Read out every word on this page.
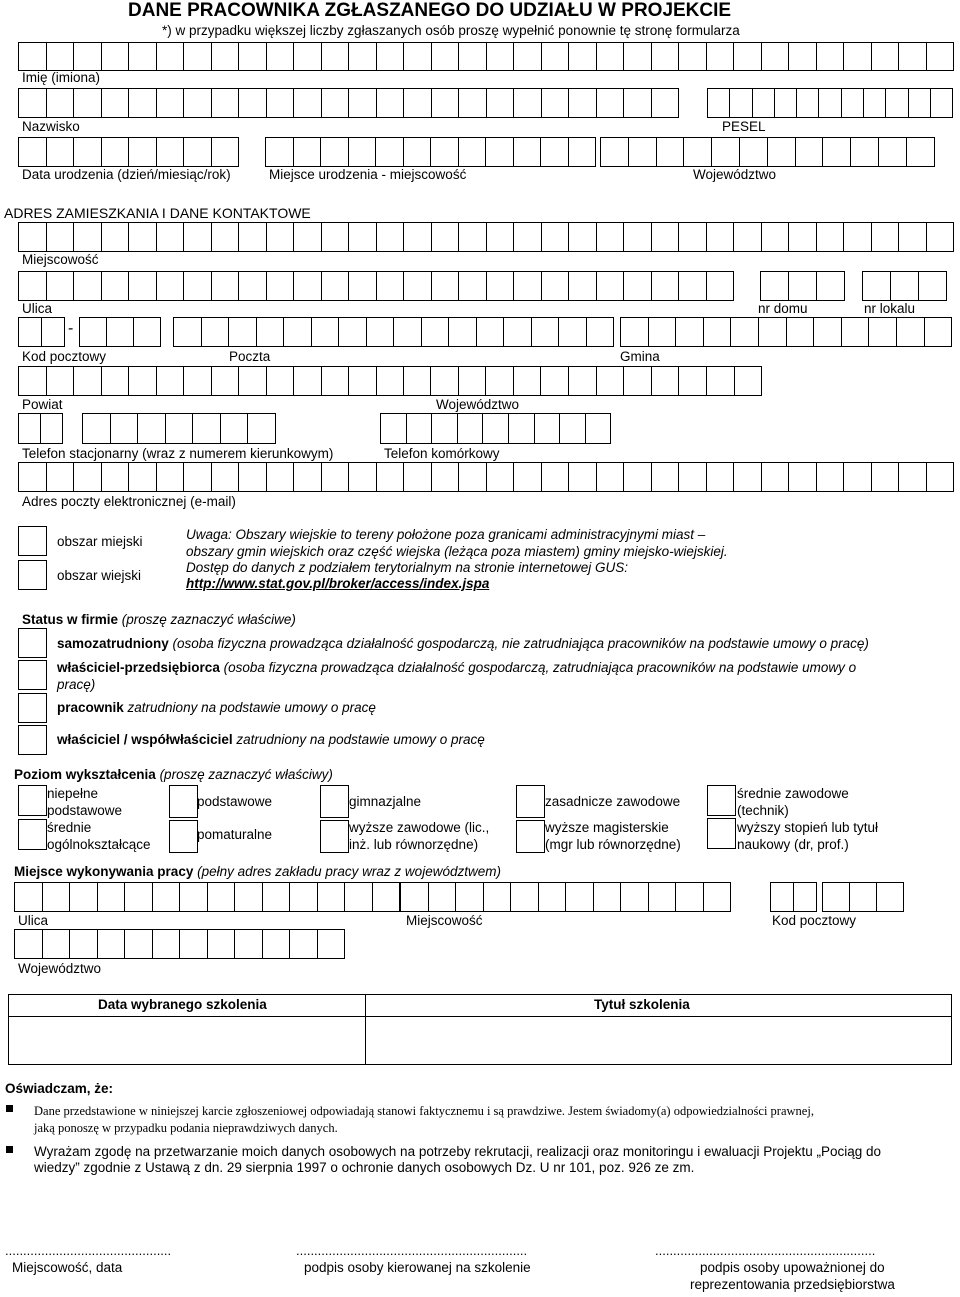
DANE PRACOWNIKA ZGŁASZANEGO DO UDZIAŁU W PROJEKCIE
*) w przypadku większej liczby zgłaszanych osób proszę wypełnić ponownie tę stronę formularza
Imię (imiona)
Nazwisko	PESEL
Data urodzenia (dzień/miesiąc/rok)	Miejsce urodzenia - miejscowość	Województwo
ADRES ZAMIESZKANIA I DANE KONTAKTOWE
Miejscowość
Ulica	nr domu	nr lokalu
-
Kod pocztowy	Poczta	Gmina
Powiat	Województwo
Telefon stacjonarny (wraz z numerem kierunkowym)	Telefon komórkowy
Adres poczty elektronicznej (e-mail)
obszar miejski
obszar wiejski
Uwaga: Obszary wiejskie to tereny położone poza granicami administracyjnymi miast –
obszary gmin wiejskich oraz część wiejska (leżąca poza miastem) gminy miejsko-wiejskiej.
Dostęp do danych z podziałem terytorialnym na stronie internetowej GUS:
http://www.stat.gov.pl/broker/access/index.jspa
Status w firmie (proszę zaznaczyć właściwe)
samozatrudniony (osoba fizyczna prowadząca działalność gospodarczą, nie zatrudniająca pracowników na podstawie umowy o pracę)
właściciel-przedsiębiorca (osoba fizyczna prowadząca działalność gospodarczą, zatrudniająca pracowników na podstawie umowy o
pracę)
pracownik zatrudniony na podstawie umowy o pracę
właściciel / współwłaściciel zatrudniony na podstawie umowy o pracę
Poziom wykształcenia (proszę zaznaczyć właściwy)
niepełne
podstawowe
średnie
ogólnokształcące
podstawowe
pomaturalne
gimnazjalne
wyższe zawodowe (lic.,
inż. lub równorzędne)
zasadnicze zawodowe
wyższe magisterskie
(mgr lub równorzędne)
średnie zawodowe
(technik)
wyższy stopień lub tytuł
naukowy (dr, prof.)
Miejsce wykonywania pracy (pełny adres zakładu pracy wraz z województwem)
Ulica	Miejscowość	Kod pocztowy
Województwo
Data wybranego szkolenia	Tytuł szkolenia
Oświadczam, że:
Dane przedstawione w niniejszej karcie zgłoszeniowej odpowiadają stanowi faktycznemu i są prawdziwe. Jestem świadomy(a) odpowiedzialności prawnej,
jaką ponoszę w przypadku podania nieprawdziwych danych.
Wyrażam zgodę na przetwarzanie moich danych osobowych na potrzeby rekrutacji, realizacji oraz monitoringu i ewaluacji Projektu „Pociąg do
wiedzy” zgodnie z Ustawą z dn. 29 sierpnia 1997 o ochronie danych osobowych Dz. U nr 101, poz. 926 ze zm.
..............................................	................................................................	.............................................................
Miejscowość, data	podpis osoby kierowanej na szkolenie	podpis osoby upoważnionej do
reprezentowania przedsiębiorstwa
